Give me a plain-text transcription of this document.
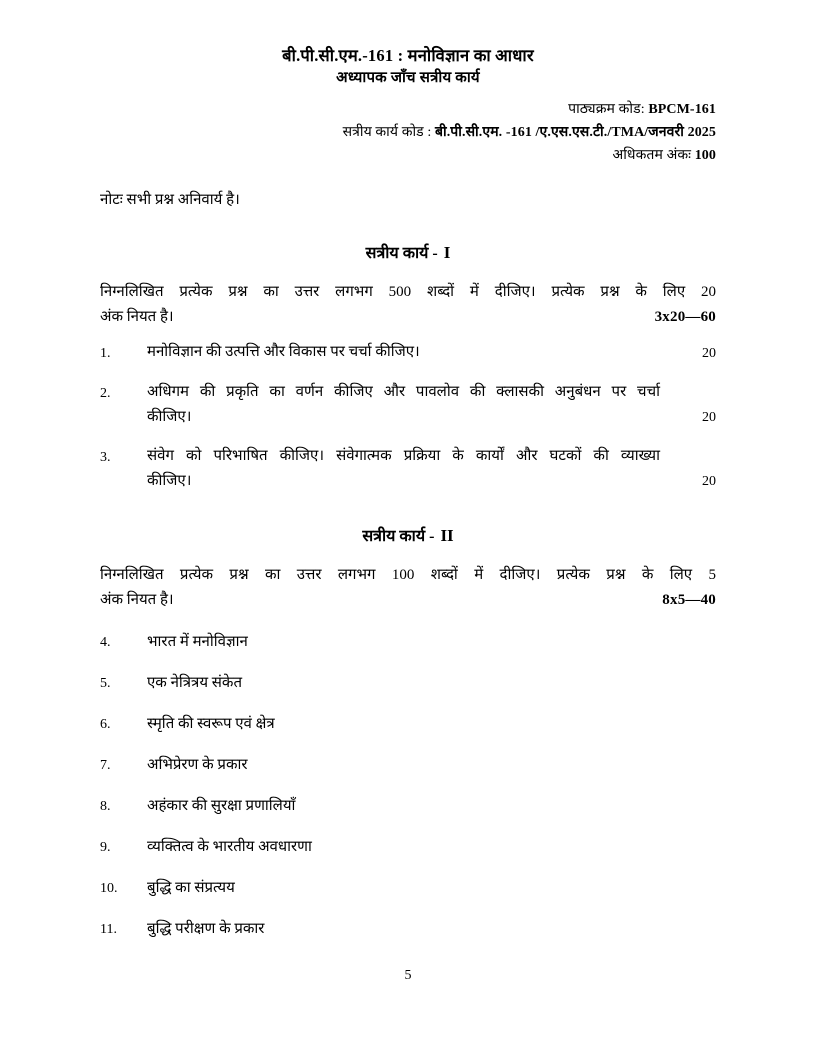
बी.पी.सी.एम.-161 : मनोविज्ञान का आधार
अध्यापक जाँच सत्रीय कार्य
पाठ्यक्रम कोड: BPCM-161
सत्रीय कार्य कोड : बी.पी.सी.एम. -161 /ए.एस.एस.टी./TMA/जनवरी 2025
अधिकतम अंकः 100
नोटः सभी प्रश्न अनिवार्य है।
सत्रीय कार्य - I
निग्नलिखित प्रत्येक प्रश्न का उत्तर लगभग 500 शब्दों में दीजिए। प्रत्येक प्रश्न के लिए 20
अंक नियत है।	3x20—60
1.	मनोविज्ञान की उत्पत्ति और विकास पर चर्चा कीजिए।	20
2.	अधिगम की प्रकृति का वर्णन कीजिए और पावलोव की क्लासकी अनुबंधन पर चर्चा
कीजिए।	20
3.	संवेग को परिभाषित कीजिए। संवेगात्मक प्रक्रिया के कार्यों और घटकों की व्याख्या
कीजिए।	20
सत्रीय कार्य - II
निग्नलिखित प्रत्येक प्रश्न का उत्तर लगभग 100 शब्दों में दीजिए। प्रत्येक प्रश्न के लिए 5
अंक नियत है।	8x5—40
4.	भारत में मनोविज्ञान
5.	एक नेत्रित्रय संकेत
6.	स्मृति की स्वरूप एवं क्षेत्र
7.	अभिप्रेरण के प्रकार
8.	अहंकार की सुरक्षा प्रणालियाँ
9.	व्यक्तित्व के भारतीय अवधारणा
10.	बुद्धि का संप्रत्यय
11.	बुद्धि परीक्षण के प्रकार
5
